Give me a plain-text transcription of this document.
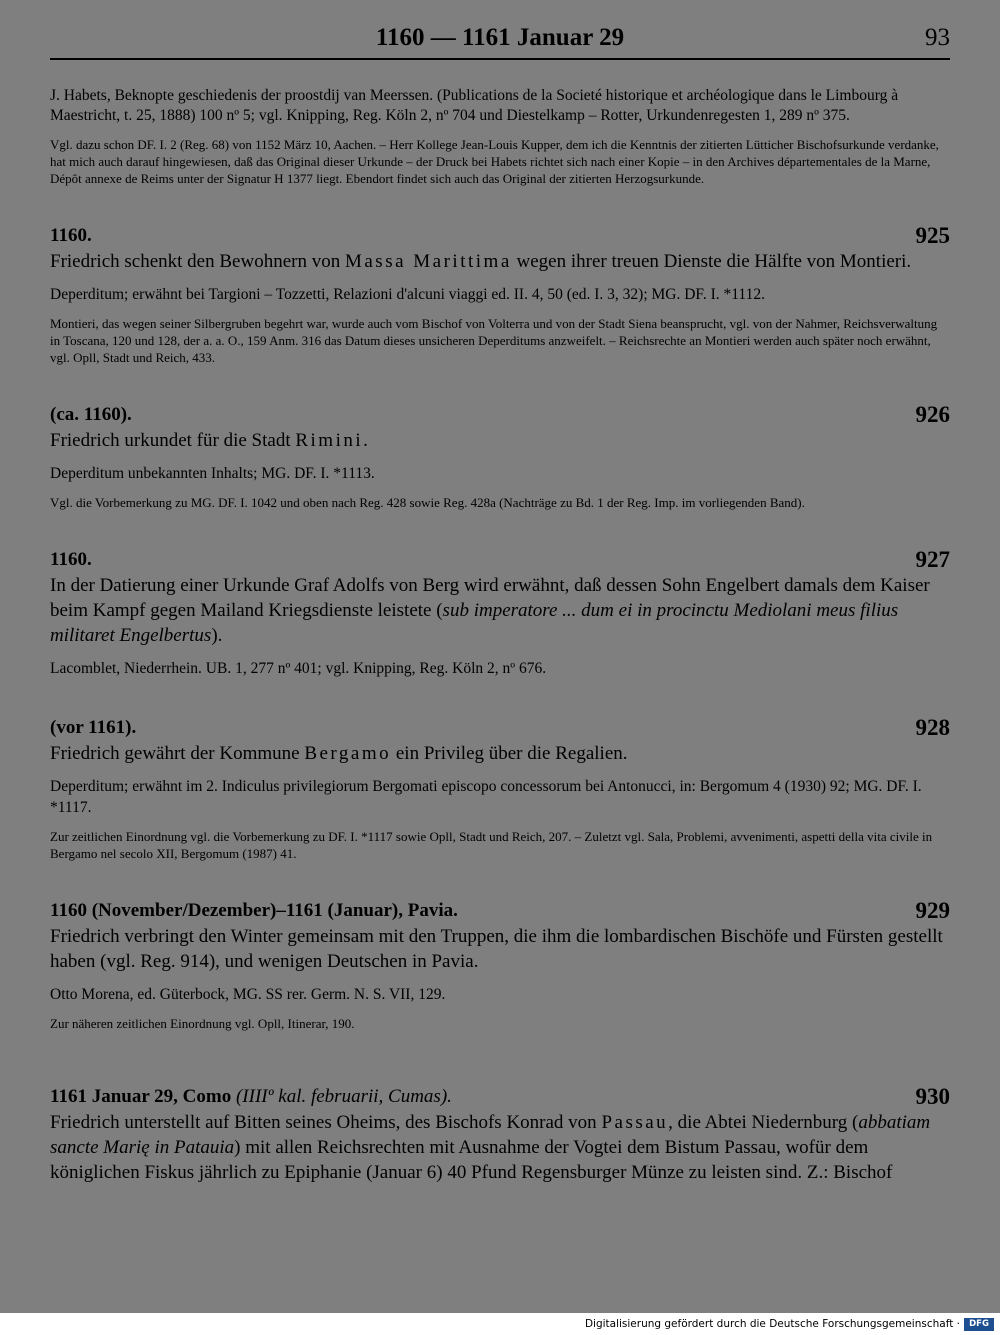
1160 — 1161 Januar 29	93

J. Habets, Beknopte geschiedenis der proostdij van Meerssen. (Publications de la Societé historique et archéologique dans le Limbourg à Maestricht, t. 25, 1888) 100 nº 5; vgl. Knipping, Reg. Köln 2, nº 704 und Diestelkamp – Rotter, Urkundenregesten 1, 289 nº 375.

Vgl. dazu schon DF. I. 2 (Reg. 68) von 1152 März 10, Aachen. – Herr Kollege Jean-Louis Kupper, dem ich die Kenntnis der zitierten Lütticher Bischofsurkunde verdanke, hat mich auch darauf hingewiesen, daß das Original dieser Urkunde – der Druck bei Habets richtet sich nach einer Kopie – in den Archives départementales de la Marne, Dépôt annexe de Reims unter der Signatur H 1377 liegt. Ebendort findet sich auch das Original der zitierten Herzogsurkunde.

1160.	925

Friedrich schenkt den Bewohnern von Massa Marittima wegen ihrer treuen Dienste die Hälfte von Montieri.

Deperditum; erwähnt bei Targioni – Tozzetti, Relazioni d'alcuni viaggi ed. II. 4, 50 (ed. I. 3, 32); MG. DF. I. *1112.

Montieri, das wegen seiner Silbergruben begehrt war, wurde auch vom Bischof von Volterra und von der Stadt Siena beansprucht, vgl. von der Nahmer, Reichsverwaltung in Toscana, 120 und 128, der a. a. O., 159 Anm. 316 das Datum dieses unsicheren Deperditums anzweifelt. – Reichsrechte an Montieri werden auch später noch erwähnt, vgl. Opll, Stadt und Reich, 433.

(ca. 1160).	926

Friedrich urkundet für die Stadt Rimini.

Deperditum unbekannten Inhalts; MG. DF. I. *1113.

Vgl. die Vorbemerkung zu MG. DF. I. 1042 und oben nach Reg. 428 sowie Reg. 428a (Nachträge zu Bd. 1 der Reg. Imp. im vorliegenden Band).

1160.	927

In der Datierung einer Urkunde Graf Adolfs von Berg wird erwähnt, daß dessen Sohn Engelbert damals dem Kaiser beim Kampf gegen Mailand Kriegsdienste leistete (sub imperatore ... dum ei in procinctu Mediolani meus filius militaret Engelbertus).

Lacomblet, Niederrhein. UB. 1, 277 nº 401; vgl. Knipping, Reg. Köln 2, nº 676.

(vor 1161).	928

Friedrich gewährt der Kommune Bergamo ein Privileg über die Regalien.

Deperditum; erwähnt im 2. Indiculus privilegiorum Bergomati episcopo concessorum bei Antonucci, in: Bergomum 4 (1930) 92; MG. DF. I. *1117.

Zur zeitlichen Einordnung vgl. die Vorbemerkung zu DF. I. *1117 sowie Opll, Stadt und Reich, 207. – Zuletzt vgl. Sala, Problemi, avvenimenti, aspetti della vita civile in Bergamo nel secolo XII, Bergomum (1987) 41.

1160 (November/Dezember)–1161 (Januar), Pavia.	929

Friedrich verbringt den Winter gemeinsam mit den Truppen, die ihm die lombardischen Bischöfe und Fürsten gestellt haben (vgl. Reg. 914), und wenigen Deutschen in Pavia.

Otto Morena, ed. Güterbock, MG. SS rer. Germ. N. S. VII, 129.

Zur näheren zeitlichen Einordnung vgl. Opll, Itinerar, 190.

1161 Januar 29, Como (IIIIº kal. februarii, Cumas).	930

Friedrich unterstellt auf Bitten seines Oheims, des Bischofs Konrad von Passau, die Abtei Niedernburg (abbatiam sancte Marię in Patauia) mit allen Reichsrechten mit Ausnahme der Vogtei dem Bistum Passau, wofür dem königlichen Fiskus jährlich zu Epiphanie (Januar 6) 40 Pfund Regensburger Münze zu leisten sind. Z.: Bischof

Digitalisierung gefördert durch die Deutsche Forschungsgemeinschaft ·	DFG
